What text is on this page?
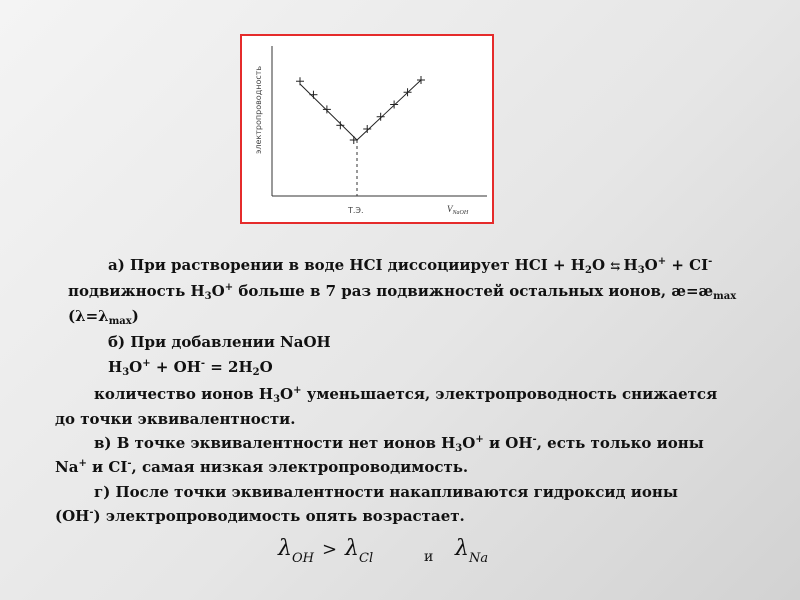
электропроводность
Т.Э.	$V_{NaOH}$
а) При растворении в воде НСI диссоциирует НСI + $Н_2О$ ⇆ $Н_3О^+ + СI^-$
подвижность $Н_3О^+$ больше в 7 раз подвижностей остальных ионов, $æ=æ_{max}$
$(\lambda=\lambda_{max})$
б) При добавлении NaOH
$Н_3О^+ + ОН^- = 2Н_2О$
количество ионов $Н_3О^+$ уменьшается, электропроводность снижается
до точки эквивалентности.
в) В точке эквивалентности нет ионов $Н_3О^+$ и ОН-, есть только ионы
Na+ и СI-, самая низкая электропроводимость.
г) После точки эквивалентности накапливаются гидроксид ионы
(ОН-) электропроводимость опять возрастает.
$\lambda_{OH} > \lambda_{Cl}$	и $\lambda_{Na}$
